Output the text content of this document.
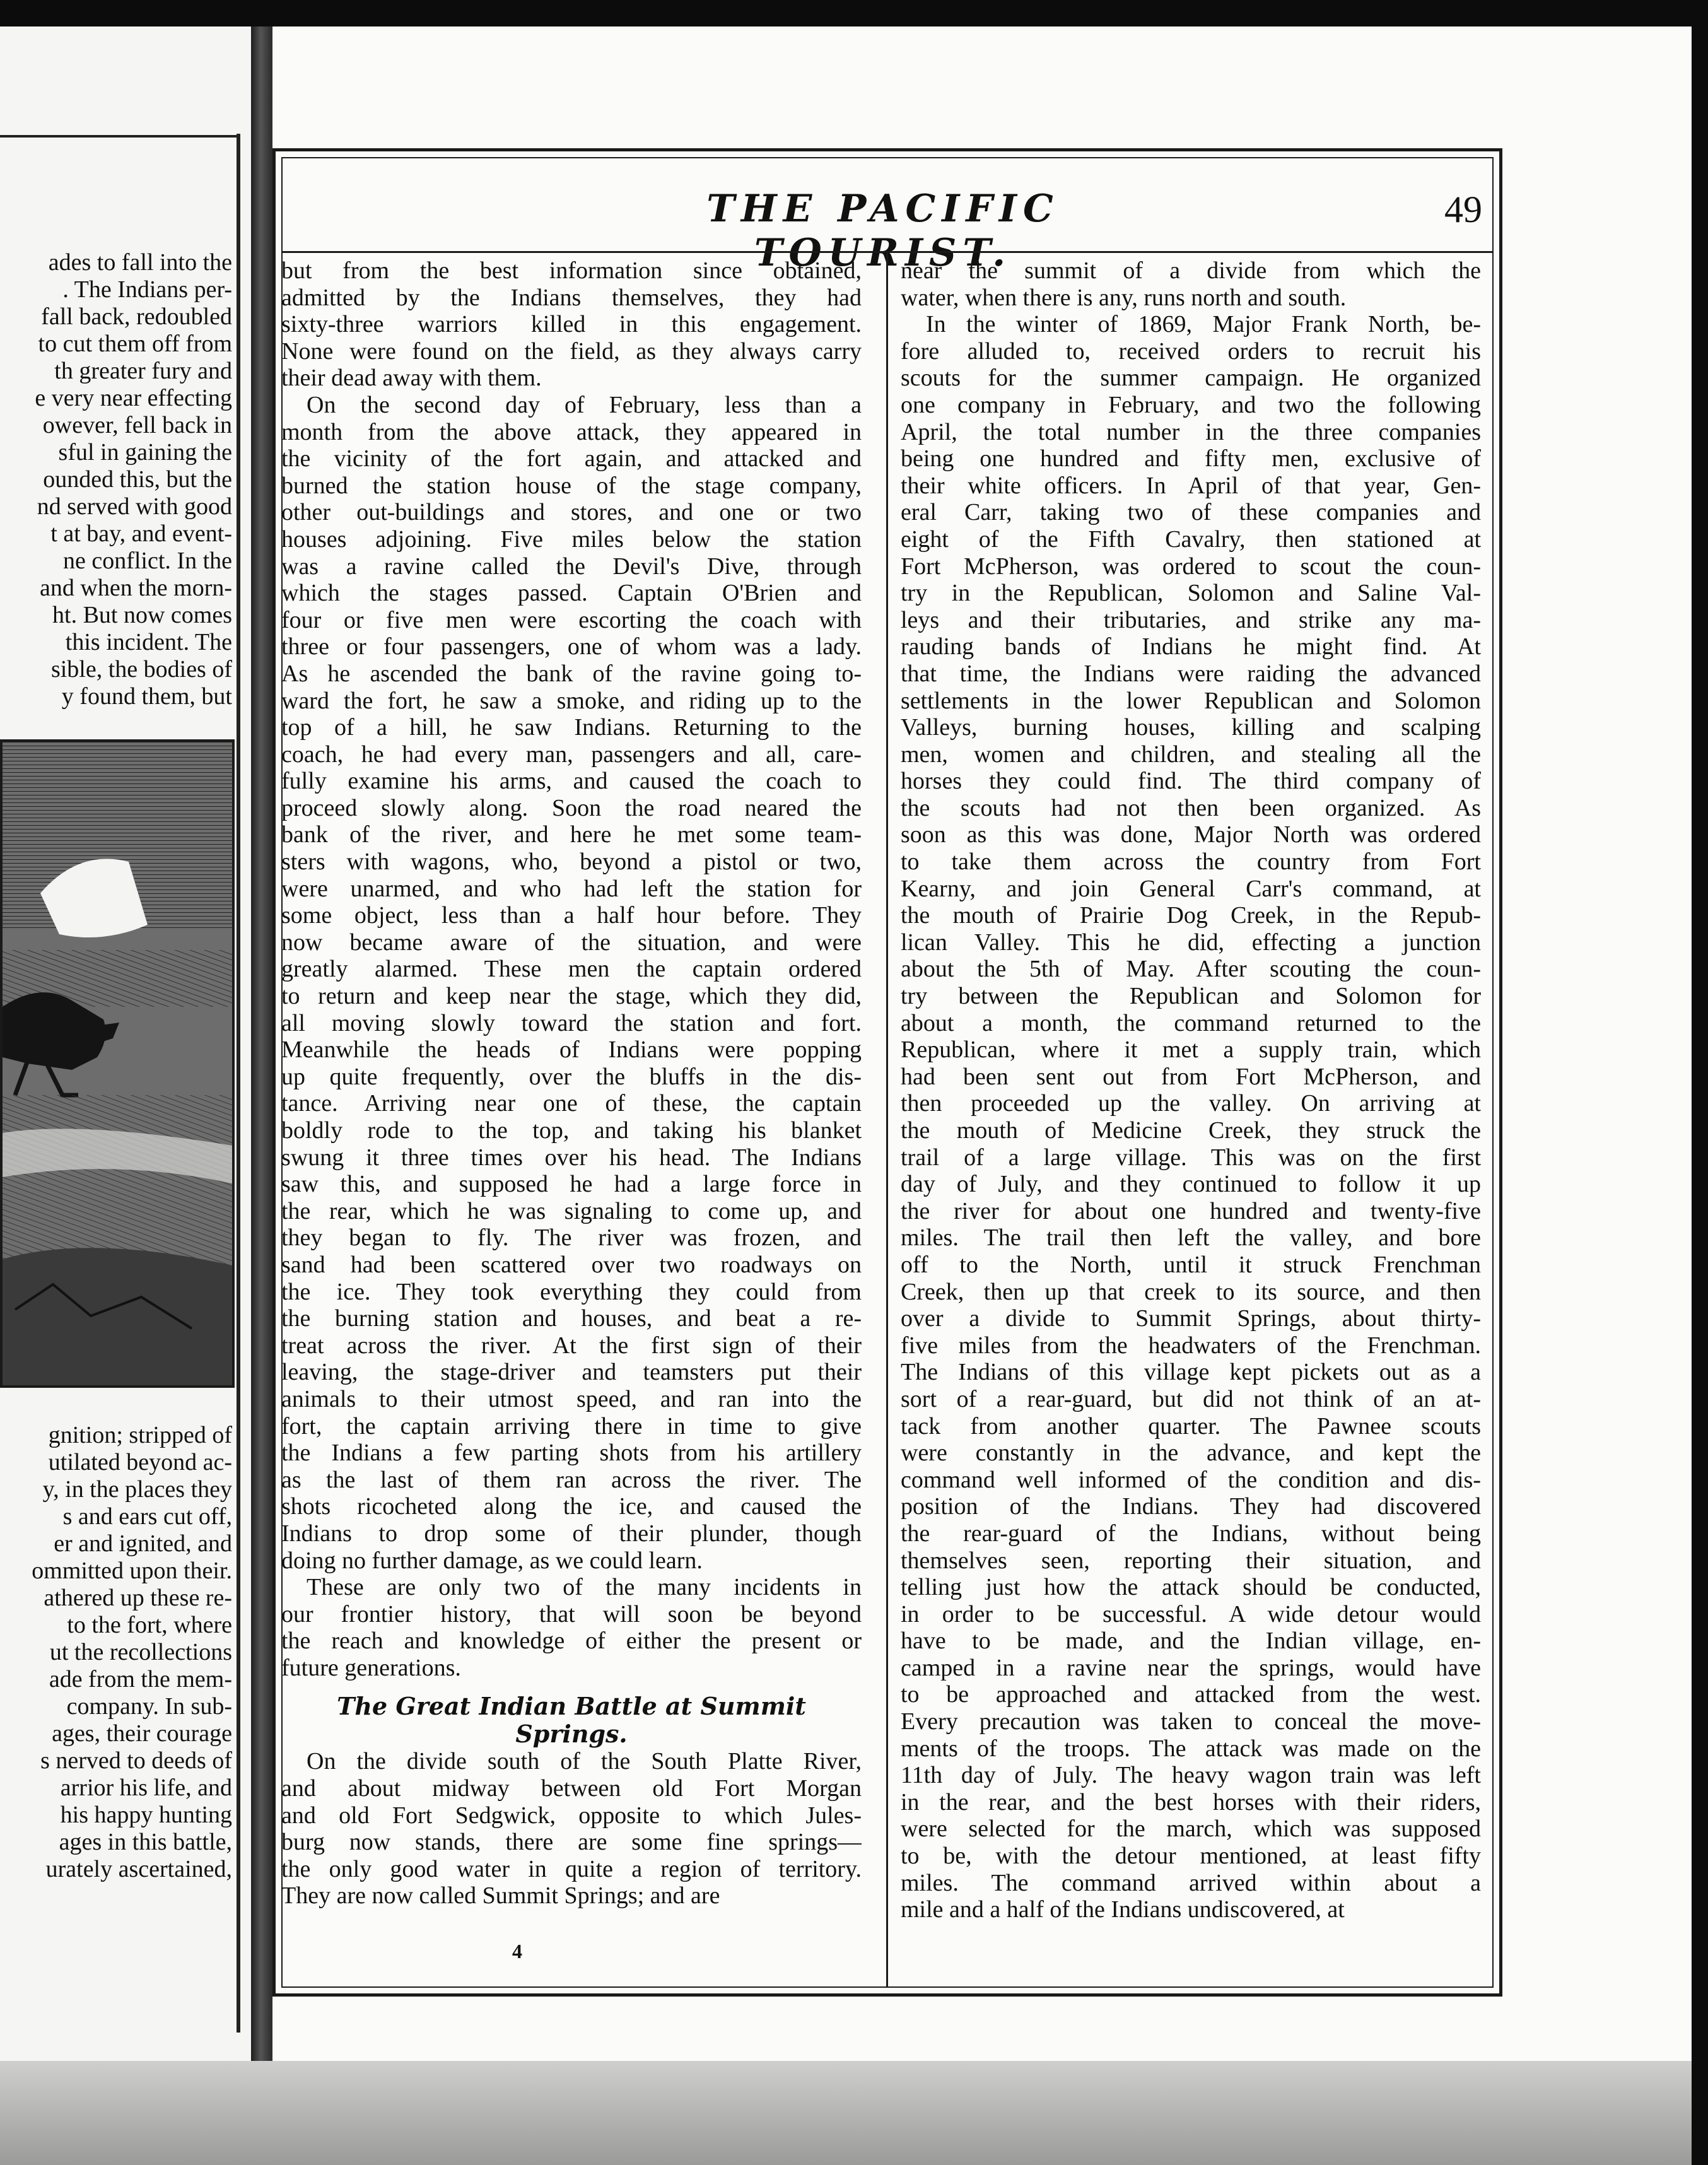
ades to fall into the
. The Indians per-
fall back, redoubled
to cut them off from
th greater fury and
e very near effecting
owever, fell back in
sful in gaining the
ounded this, but the
nd served with good
t at bay, and event-
ne conflict. In the
and when the morn-
ht. But now comes
this incident. The
sible, the bodies of
y found them, but
gnition; stripped of
utilated beyond ac-
y, in the places they
s and ears cut off,
er and ignited, and
ommitted upon their.
athered up these re-
to the fort, where
ut the recollections
ade from the mem-
company. In sub-
ages, their courage
s nerved to deeds of
arrior his life, and
his happy hunting
ages in this battle,
urately ascertained,
THE PACIFIC TOURIST.
49
but from the best information since obtained,
admitted by the Indians themselves, they had
sixty-three warriors killed in this engagement.
None were found on the field, as they always carry
their dead away with them.
On the second day of February, less than a
month from the above attack, they appeared in
the vicinity of the fort again, and attacked and
burned the station house of the stage company,
other out-buildings and stores, and one or two
houses adjoining. Five miles below the station
was a ravine called the Devil's Dive, through
which the stages passed. Captain O'Brien and
four or five men were escorting the coach with
three or four passengers, one of whom was a lady.
As he ascended the bank of the ravine going to-
ward the fort, he saw a smoke, and riding up to the
top of a hill, he saw Indians. Returning to the
coach, he had every man, passengers and all, care-
fully examine his arms, and caused the coach to
proceed slowly along. Soon the road neared the
bank of the river, and here he met some team-
sters with wagons, who, beyond a pistol or two,
were unarmed, and who had left the station for
some object, less than a half hour before. They
now became aware of the situation, and were
greatly alarmed. These men the captain ordered
to return and keep near the stage, which they did,
all moving slowly toward the station and fort.
Meanwhile the heads of Indians were popping
up quite frequently, over the bluffs in the dis-
tance. Arriving near one of these, the captain
boldly rode to the top, and taking his blanket
swung it three times over his head. The Indians
saw this, and supposed he had a large force in
the rear, which he was signaling to come up, and
they began to fly. The river was frozen, and
sand had been scattered over two roadways on
the ice. They took everything they could from
the burning station and houses, and beat a re-
treat across the river. At the first sign of their
leaving, the stage-driver and teamsters put their
animals to their utmost speed, and ran into the
fort, the captain arriving there in time to give
the Indians a few parting shots from his artillery
as the last of them ran across the river. The
shots ricocheted along the ice, and caused the
Indians to drop some of their plunder, though
doing no further damage, as we could learn.
These are only two of the many incidents in
our frontier history, that will soon be beyond
the reach and knowledge of either the present or
future generations.
The Great Indian Battle at Summit
Springs.
On the divide south of the South Platte River,
and about midway between old Fort Morgan
and old Fort Sedgwick, opposite to which Jules-
burg now stands, there are some fine springs—
the only good water in quite a region of territory.
They are now called Summit Springs; and are
near the summit of a divide from which the
water, when there is any, runs north and south.
In the winter of 1869, Major Frank North, be-
fore alluded to, received orders to recruit his
scouts for the summer campaign. He organized
one company in February, and two the following
April, the total number in the three companies
being one hundred and fifty men, exclusive of
their white officers. In April of that year, Gen-
eral Carr, taking two of these companies and
eight of the Fifth Cavalry, then stationed at
Fort McPherson, was ordered to scout the coun-
try in the Republican, Solomon and Saline Val-
leys and their tributaries, and strike any ma-
rauding bands of Indians he might find. At
that time, the Indians were raiding the advanced
settlements in the lower Republican and Solomon
Valleys, burning houses, killing and scalping
men, women and children, and stealing all the
horses they could find. The third company of
the scouts had not then been organized. As
soon as this was done, Major North was ordered
to take them across the country from Fort
Kearny, and join General Carr's command, at
the mouth of Prairie Dog Creek, in the Repub-
lican Valley. This he did, effecting a junction
about the 5th of May. After scouting the coun-
try between the Republican and Solomon for
about a month, the command returned to the
Republican, where it met a supply train, which
had been sent out from Fort McPherson, and
then proceeded up the valley. On arriving at
the mouth of Medicine Creek, they struck the
trail of a large village. This was on the first
day of July, and they continued to follow it up
the river for about one hundred and twenty-five
miles. The trail then left the valley, and bore
off to the North, until it struck Frenchman
Creek, then up that creek to its source, and then
over a divide to Summit Springs, about thirty-
five miles from the headwaters of the Frenchman.
The Indians of this village kept pickets out as a
sort of a rear-guard, but did not think of an at-
tack from another quarter. The Pawnee scouts
were constantly in the advance, and kept the
command well informed of the condition and dis-
position of the Indians. They had discovered
the rear-guard of the Indians, without being
themselves seen, reporting their situation, and
telling just how the attack should be conducted,
in order to be successful. A wide detour would
have to be made, and the Indian village, en-
camped in a ravine near the springs, would have
to be approached and attacked from the west.
Every precaution was taken to conceal the move-
ments of the troops. The attack was made on the
11th day of July. The heavy wagon train was left
in the rear, and the best horses with their riders,
were selected for the march, which was supposed
to be, with the detour mentioned, at least fifty
miles. The command arrived within about a
mile and a half of the Indians undiscovered, at
4
